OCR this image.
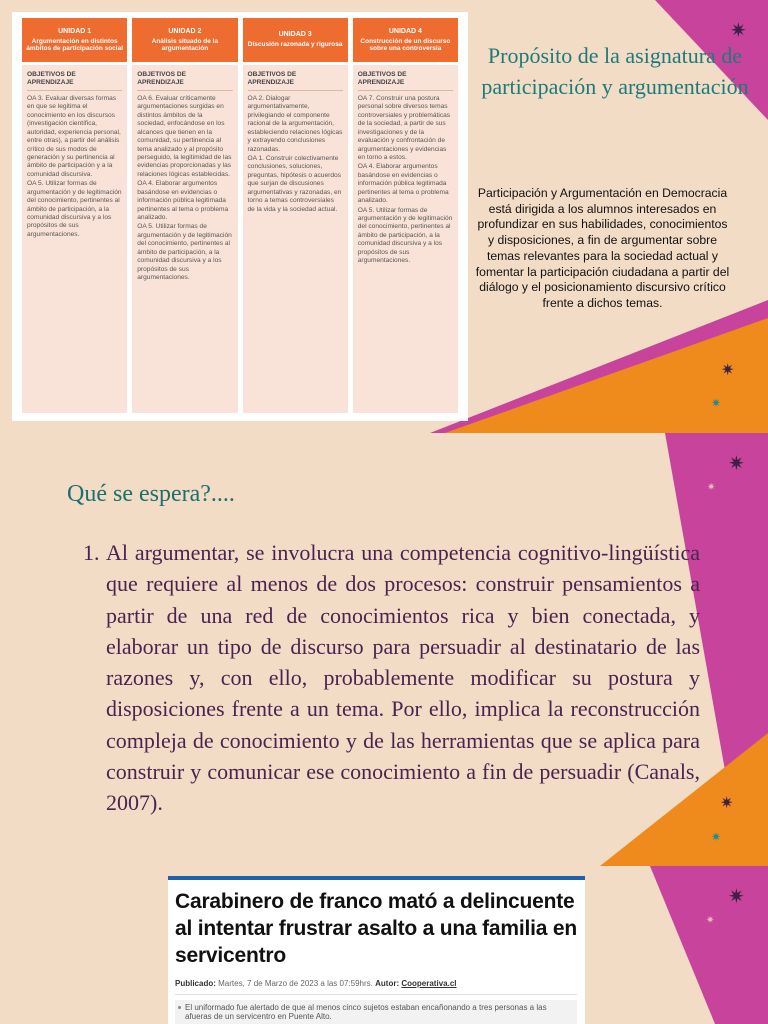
UNIDAD 1
Argumentación en distintos ámbitos de participación social
OBJETIVOS DE APRENDIZAJE

OA 3. Evaluar diversas formas en que se legitima el conocimiento en los discursos (investigación científica, autoridad, experiencia personal, entre otras), a partir del análisis crítico de sus modos de generación y su pertinencia al ámbito de participación y a la comunidad discursiva.

OA 5. Utilizar formas de argumentación y de legitimación del conocimiento, pertinentes al ámbito de participación, a la comunidad discursiva y a los propósitos de sus argumentaciones.

UNIDAD 2
Análisis situado de la argumentación
OBJETIVOS DE APRENDIZAJE

OA 6. Evaluar críticamente argumentaciones surgidas en distintos ámbitos de la sociedad, enfocándose en los alcances que tienen en la comunidad, su pertinencia al tema analizado y al propósito perseguido, la legitimidad de las evidencias proporcionadas y las relaciones lógicas establecidas.

OA 4. Elaborar argumentos basándose en evidencias o información pública legitimada pertinentes al tema o problema analizado.

OA 5. Utilizar formas de argumentación y de legitimación del conocimiento, pertinentes al ámbito de participación, a la comunidad discursiva y a los propósitos de sus argumentaciones.

UNIDAD 3
Discusión razonada y rigurosa
OBJETIVOS DE APRENDIZAJE

OA 2. Dialogar argumentativamente, privilegiando el componente racional de la argumentación, estableciendo relaciones lógicas y extrayendo conclusiones razonadas.

OA 1. Construir colectivamente conclusiones, soluciones, preguntas, hipótesis o acuerdos que surjan de discusiones argumentativas y razonadas, en torno a temas controversiales de la vida y la sociedad actual.

UNIDAD 4
Construcción de un discurso sobre una controversia
OBJETIVOS DE APRENDIZAJE

OA 7. Construir una postura personal sobre diversos temas controversiales y problemáticas de la sociedad, a partir de sus investigaciones y de la evaluación y confrontación de argumentaciones y evidencias en torno a estos.

OA 4. Elaborar argumentos basándose en evidencias o información pública legitimada pertinentes al tema o problema analizado.

OA 5. Utilizar formas de argumentación y de legitimación del conocimiento, pertinentes al ámbito de participación, a la comunidad discursiva y a los propósitos de sus argumentaciones.

Propósito de la asignatura de participación y argumentación
Participación y Argumentación en Democracia está dirigida a los alumnos interesados en profundizar en sus habilidades, conocimientos y disposiciones, a fin de argumentar sobre temas relevantes para la sociedad actual y fomentar la participación ciudadana a partir del diálogo y el posicionamiento discursivo crítico frente a dichos temas.
✷
✷
✷
Qué se espera?....
1. Al argumentar, se involucra una competencia cognitivo-lingüística que requiere al menos de dos procesos: construir pensamientos a partir de una red de conocimientos rica y bien conectada, y elaborar un tipo de discurso para persuadir al destinatario de las razones y, con ello, probablemente modificar su postura y disposiciones frente a un tema. Por ello, implica la reconstrucción compleja de conocimiento y de las herramientas que se aplica para construir y comunicar ese conocimiento a fin de persuadir (Canals, 2007).
✷
✷
✷
✷
Carabinero de franco mató a delincuente al intentar frustrar asalto a una familia en servicentro
Publicado: Martes, 7 de Marzo de 2023 a las 07:59hrs. Autor: Cooperativa.cl
El uniformado fue alertado de que al menos cinco sujetos estaban encañonando a tres personas a las afueras de un servicentro en Puente Alto.
✷
✷
